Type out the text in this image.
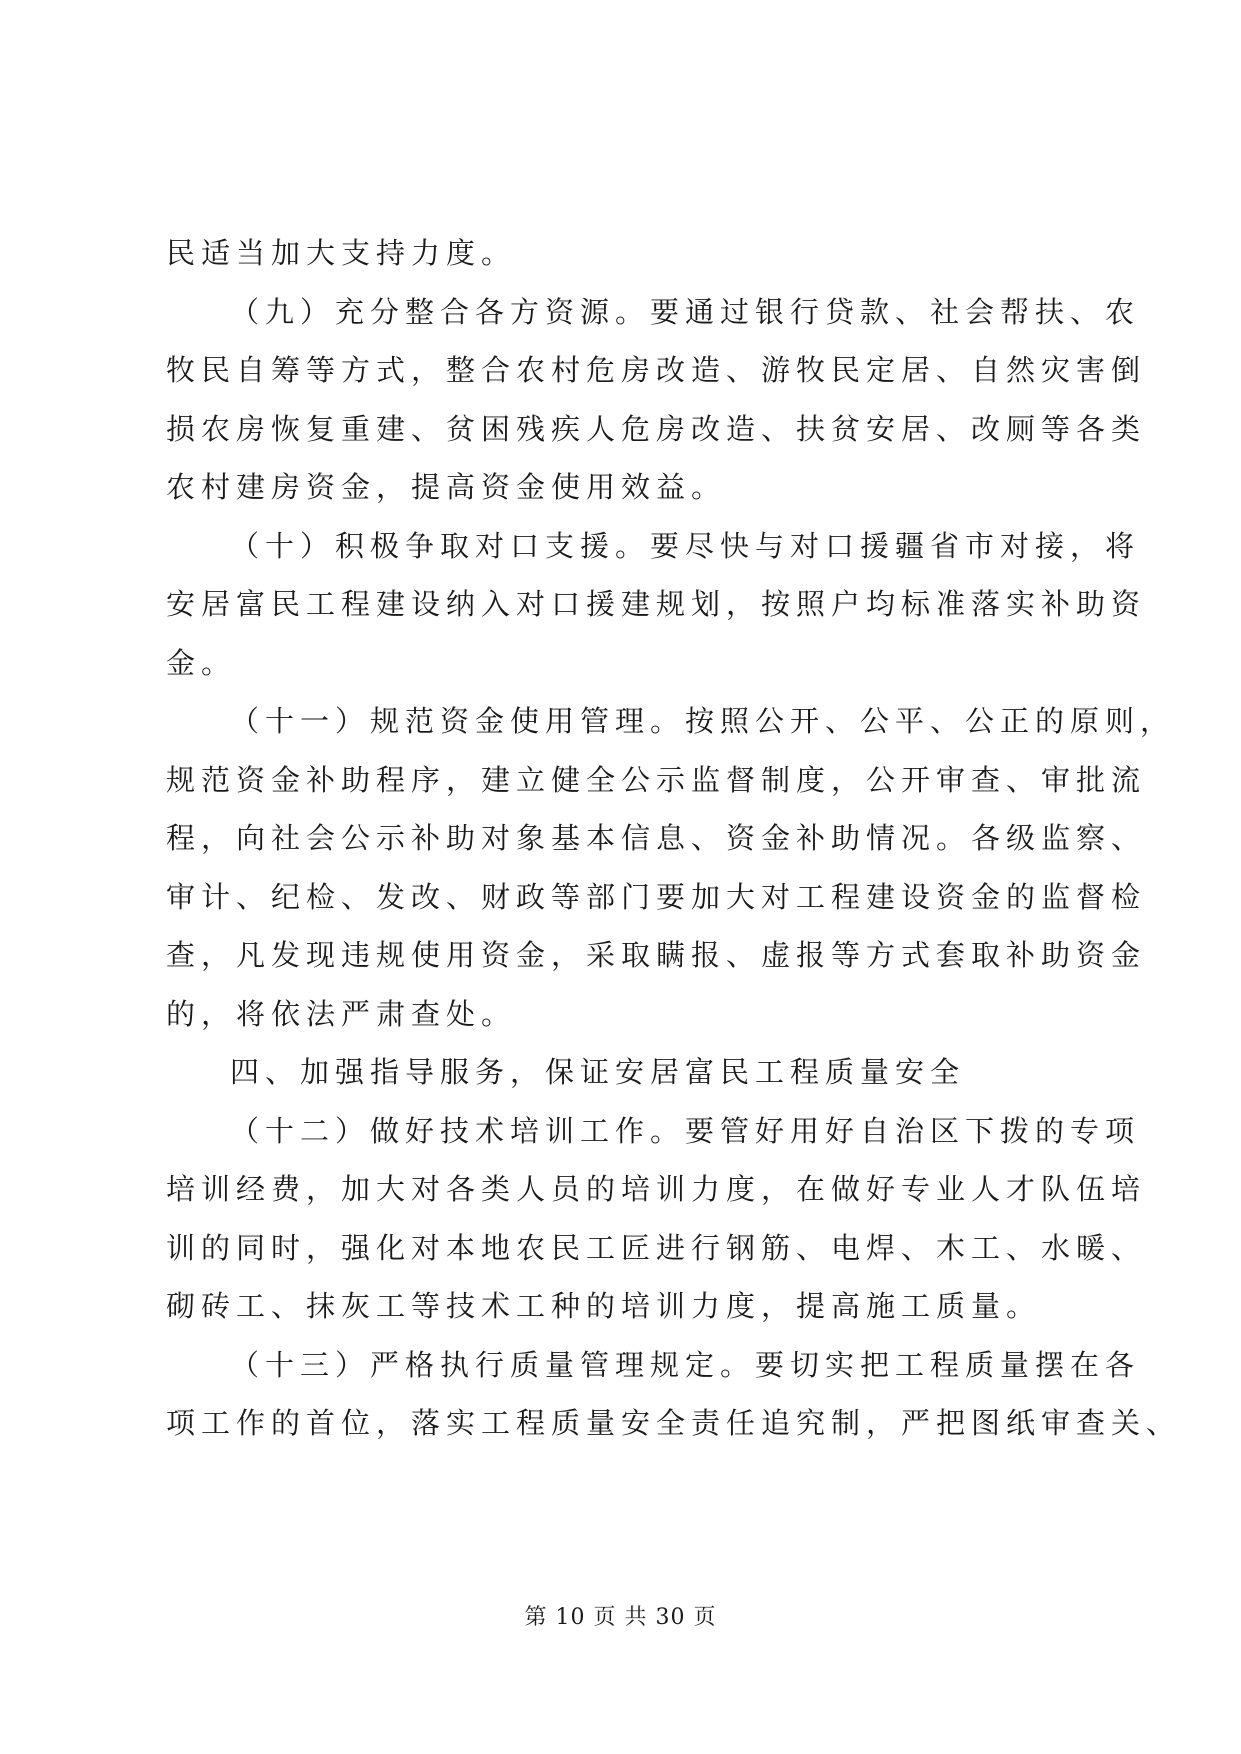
民适当加大支持力度。
（九）充分整合各方资源。要通过银行贷款、社会帮扶、农
牧民自筹等方式，整合农村危房改造、游牧民定居、自然灾害倒
损农房恢复重建、贫困残疾人危房改造、扶贫安居、改厕等各类
农村建房资金，提高资金使用效益。
（十）积极争取对口支援。要尽快与对口援疆省市对接，将
安居富民工程建设纳入对口援建规划，按照户均标准落实补助资
金。
（十一）规范资金使用管理。按照公开、公平、公正的原则，
规范资金补助程序，建立健全公示监督制度，公开审查、审批流
程，向社会公示补助对象基本信息、资金补助情况。各级监察、
审计、纪检、发改、财政等部门要加大对工程建设资金的监督检
查，凡发现违规使用资金，采取瞒报、虚报等方式套取补助资金
的，将依法严肃查处。
四、加强指导服务，保证安居富民工程质量安全
（十二）做好技术培训工作。要管好用好自治区下拨的专项
培训经费，加大对各类人员的培训力度，在做好专业人才队伍培
训的同时，强化对本地农民工匠进行钢筋、电焊、木工、水暖、
砌砖工、抹灰工等技术工种的培训力度，提高施工质量。
（十三）严格执行质量管理规定。要切实把工程质量摆在各
项工作的首位，落实工程质量安全责任追究制，严把图纸审查关、
第 10 页 共 30 页
